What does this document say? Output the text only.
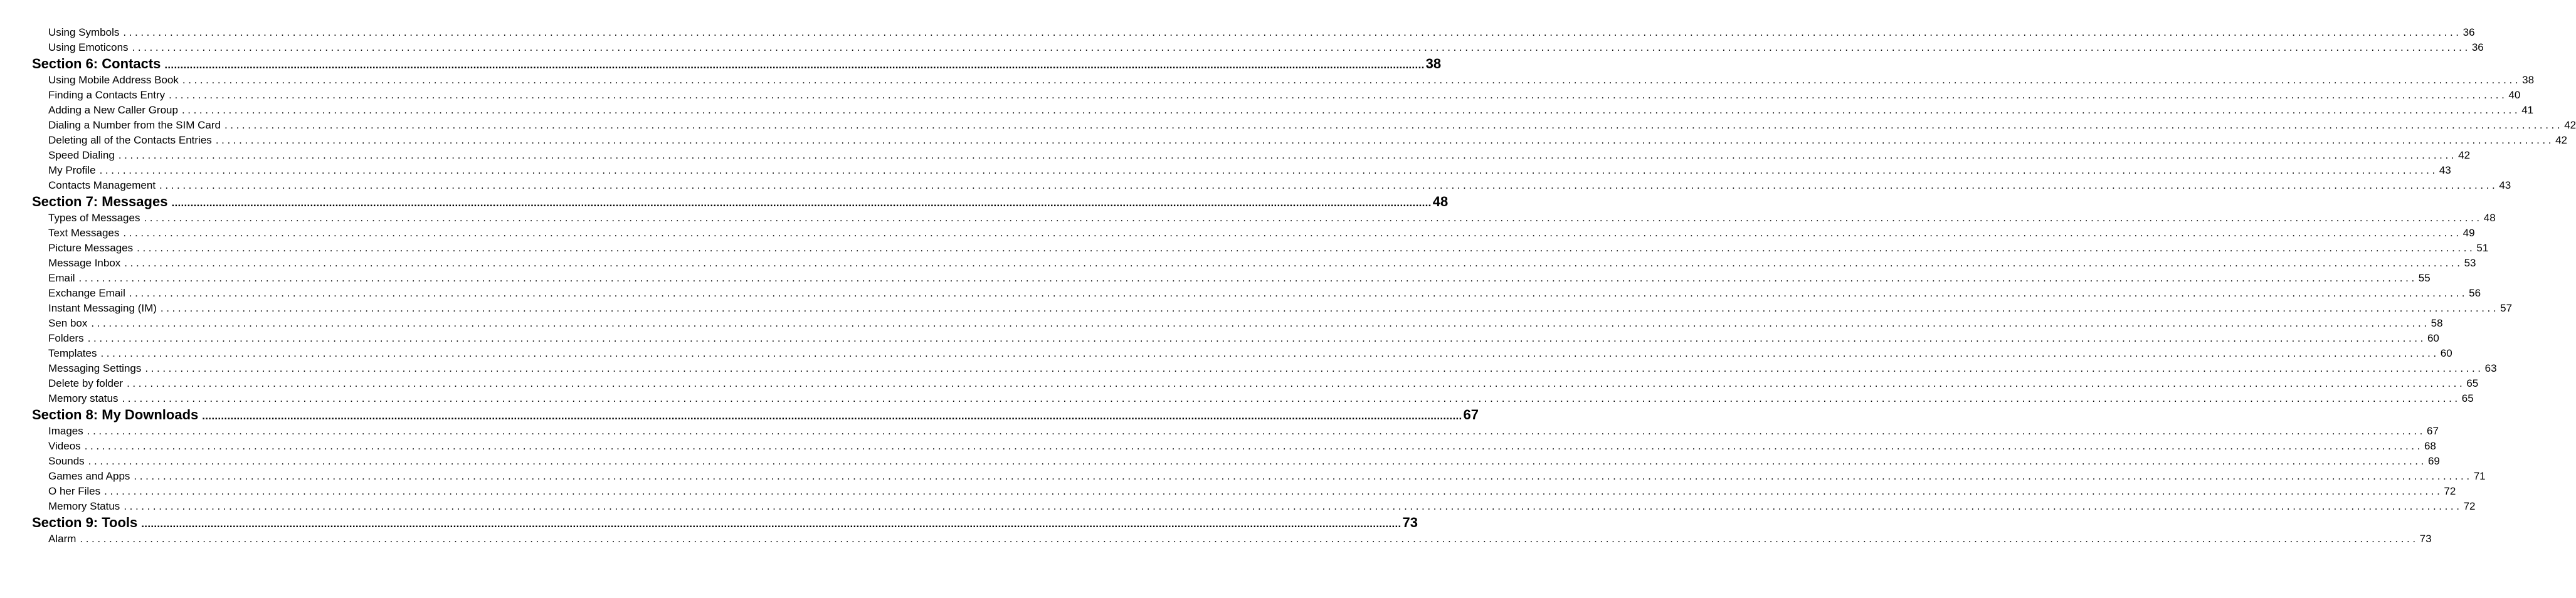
Using Symbols ................................................................................................................................................................................................................................................................................................................................................................................................................ 36
Using Emoticons ................................................................................................................................................................................................................................................................................................................................................................................................................ 36
Section 6: Contacts ................................................................................................................................................................................................................................................................................................................................................................................................................ 38
Using Mobile Address Book ................................................................................................................................................................................................................................................................................................................................................................................................................ 38
Finding a Contacts Entry ................................................................................................................................................................................................................................................................................................................................................................................................................ 40
Adding a New Caller Group ................................................................................................................................................................................................................................................................................................................................................................................................................ 41
Dialing a Number from the SIM Card ................................................................................................................................................................................................................................................................................................................................................................................................................ 42
Deleting all of the Contacts Entries ................................................................................................................................................................................................................................................................................................................................................................................................................ 42
Speed Dialing ................................................................................................................................................................................................................................................................................................................................................................................................................ 42
My Profile ................................................................................................................................................................................................................................................................................................................................................................................................................ 43
Contacts Management ................................................................................................................................................................................................................................................................................................................................................................................................................ 43
Section 7: Messages ................................................................................................................................................................................................................................................................................................................................................................................................................ 48
Types of Messages ................................................................................................................................................................................................................................................................................................................................................................................................................ 48
Text Messages ................................................................................................................................................................................................................................................................................................................................................................................................................ 49
Picture Messages ................................................................................................................................................................................................................................................................................................................................................................................................................ 51
Message Inbox ................................................................................................................................................................................................................................................................................................................................................................................................................ 53
Email ................................................................................................................................................................................................................................................................................................................................................................................................................ 55
Exchange Email ................................................................................................................................................................................................................................................................................................................................................................................................................ 56
Instant Messaging (IM) ................................................................................................................................................................................................................................................................................................................................................................................................................ 57
Sen box ................................................................................................................................................................................................................................................................................................................................................................................................................ 58
Folders ................................................................................................................................................................................................................................................................................................................................................................................................................ 60
Templates ................................................................................................................................................................................................................................................................................................................................................................................................................ 60
Messaging Settings ................................................................................................................................................................................................................................................................................................................................................................................................................ 63
Delete by folder ................................................................................................................................................................................................................................................................................................................................................................................................................ 65
Memory status ................................................................................................................................................................................................................................................................................................................................................................................................................ 65
Section 8: My Downloads ................................................................................................................................................................................................................................................................................................................................................................................................................ 67
Images ................................................................................................................................................................................................................................................................................................................................................................................................................ 67
Videos ................................................................................................................................................................................................................................................................................................................................................................................................................ 68
Sounds ................................................................................................................................................................................................................................................................................................................................................................................................................ 69
Games and Apps ................................................................................................................................................................................................................................................................................................................................................................................................................ 71
O her Files ................................................................................................................................................................................................................................................................................................................................................................................................................ 72
Memory Status ................................................................................................................................................................................................................................................................................................................................................................................................................ 72
Section 9: Tools ................................................................................................................................................................................................................................................................................................................................................................................................................ 73
Alarm ................................................................................................................................................................................................................................................................................................................................................................................................................ 73
